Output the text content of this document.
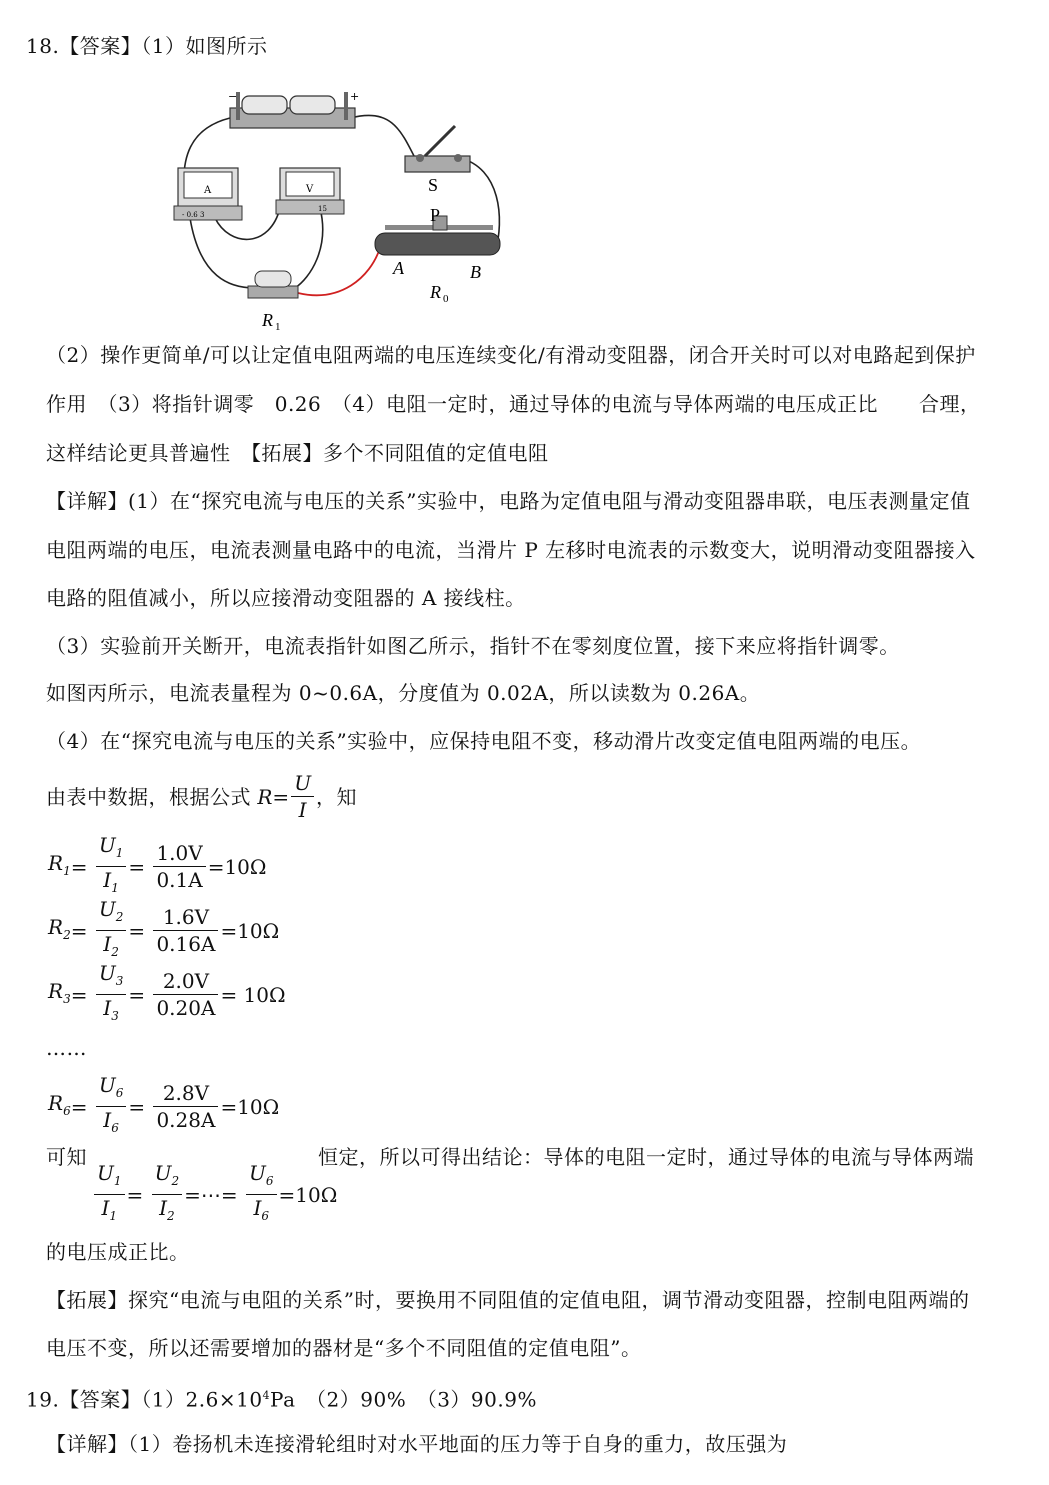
18.【答案】（1）如图所示
−	+
S
A
- 0.6 3
V
15	P
A	B
R 0
R 1
（2）操作更简单/可以让定值电阻两端的电压连续变化/有滑动变阻器，闭合开关时可以对电路起到保护
作用　（3）将指针调零　0.26　（4）电阻一定时，通过导体的电流与导体两端的电压成正比　　合理，
这样结论更具普遍性　【拓展】多个不同阻值的定值电阻
【详解】(1）在“探究电流与电压的关系”实验中，电路为定值电阻与滑动变阻器串联，电压表测量定值
电阻两端的电压，电流表测量电路中的电流，当滑片 P 左移时电流表的示数变大，说明滑动变阻器接入
电路的阻值减小，所以应接滑动变阻器的 A 接线柱。
（3）实验前开关断开，电流表指针如图乙所示，指针不在零刻度位置，接下来应将指针调零。
如图丙所示，电流表量程为 0~0.6A，分度值为 0.02A，所以读数为 0.26A。
（4）在“探究电流与电压的关系”实验中，应保持电阻不变，移动滑片改变定值电阻两端的电压。
由表中数据，根据公式 $R= \frac{U}{I}$ ，知
$R_1= \frac{U_1}{I_1} = \frac{1.0V}{0.1A} =10\Omega$
$R_2= \frac{U_2}{I_2} = \frac{1.6V}{0.16A} =10\Omega$
$R_3= \frac{U_3}{I_3} = \frac{2.0V}{0.20A} = 10\Omega$
……
$R_6= \frac{U_6}{I_6} = \frac{2.8V}{0.28A} =10\Omega$
可知
$\frac{U_1}{I_1} = \frac{U_2}{I_2}$ =⋯= $\frac{U_6}{I_6} =10\Omega$
恒定，所以可得出结论：导体的电阻一定时，通过导体的电流与导体两端
的电压成正比。
【拓展】探究“电流与电阻的关系”时，要换用不同阻值的定值电阻，调节滑动变阻器，控制电阻两端的
电压不变，所以还需要增加的器材是“多个不同阻值的定值电阻”。
19.【答案】$(1)2.6\times 10^4Pa$　（2）90%　（3）90.9%
【详解】（1）卷扬机未连接滑轮组时对水平地面的压力等于自身的重力，故压强为
